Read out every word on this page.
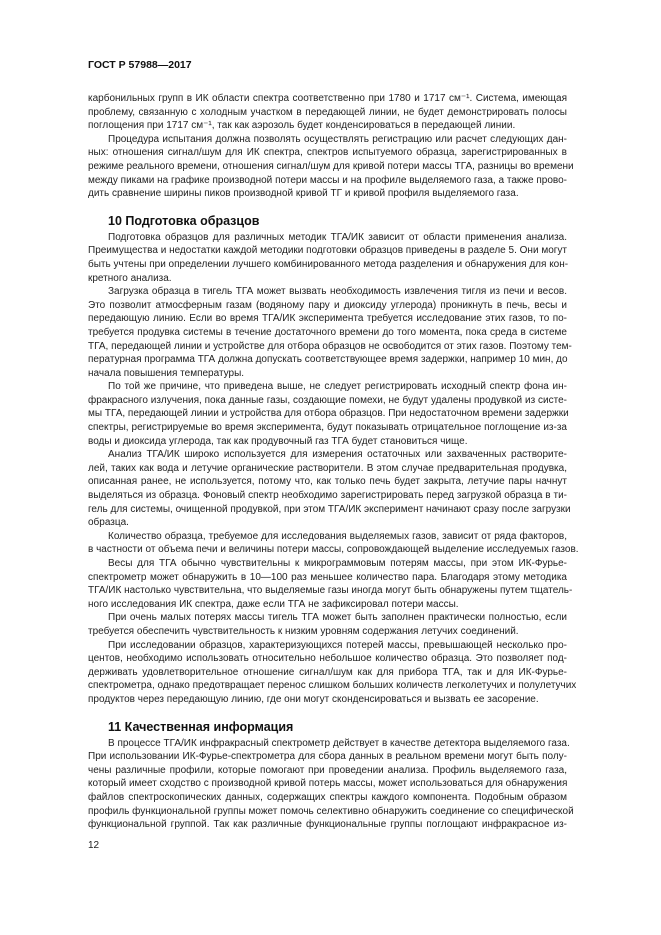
ГОСТ Р 57988—2017
карбонильных групп в ИК области спектра соответственно при 1780 и 1717 см⁻¹. Система, имеющая
проблему, связанную с холодным участком в передающей линии, не будет демонстрировать полосы
поглощения при 1717 см⁻¹, так как аэрозоль будет конденсироваться в передающей линии.
Процедура испытания должна позволять осуществлять регистрацию или расчет следующих дан-
ных: отношения сигнал/шум для ИК спектра, спектров испытуемого образца, зарегистрированных в
режиме реального времени, отношения сигнал/шум для кривой потери массы ТГА, разницы во времени
между пиками на графике производной потери массы и на профиле выделяемого газа, а также прово-
дить сравнение ширины пиков производной кривой ТГ и кривой профиля выделяемого газа.
10 Подготовка образцов
Подготовка образцов для различных методик ТГА/ИК зависит от области применения анализа.
Преимущества и недостатки каждой методики подготовки образцов приведены в разделе 5. Они могут
быть учтены при определении лучшего комбинированного метода разделения и обнаружения для кон-
кретного анализа.
Загрузка образца в тигель ТГА может вызвать необходимость извлечения тигля из печи и весов.
Это позволит атмосферным газам (водяному пару и диоксиду углерода) проникнуть в печь, весы и
передающую линию. Если во время ТГА/ИК эксперимента требуется исследование этих газов, то по-
требуется продувка системы в течение достаточного времени до того момента, пока среда в системе
ТГА, передающей линии и устройстве для отбора образцов не освободится от этих газов. Поэтому тем-
пературная программа ТГА должна допускать соответствующее время задержки, например 10 мин, до
начала повышения температуры.
По той же причине, что приведена выше, не следует регистрировать исходный спектр фона ин-
фракрасного излучения, пока данные газы, создающие помехи, не будут удалены продувкой из систе-
мы ТГА, передающей линии и устройства для отбора образцов. При недостаточном времени задержки
спектры, регистрируемые во время эксперимента, будут показывать отрицательное поглощение из-за
воды и диоксида углерода, так как продувочный газ ТГА будет становиться чище.
Анализ ТГА/ИК широко используется для измерения остаточных или захваченных растворите-
лей, таких как вода и летучие органические растворители. В этом случае предварительная продувка,
описанная ранее, не используется, потому что, как только печь будет закрыта, летучие пары начнут
выделяться из образца. Фоновый спектр необходимо зарегистрировать перед загрузкой образца в ти-
гель для системы, очищенной продувкой, при этом ТГА/ИК эксперимент начинают сразу после загрузки
образца.
Количество образца, требуемое для исследования выделяемых газов, зависит от ряда факторов,
в частности от объема печи и величины потери массы, сопровождающей выделение исследуемых газов.
Весы для ТГА обычно чувствительны к микрограммовым потерям массы, при этом ИК-Фурье-
спектрометр может обнаружить в 10—100 раз меньшее количество пара. Благодаря этому методика
ТГА/ИК настолько чувствительна, что выделяемые газы иногда могут быть обнаружены путем тщатель-
ного исследования ИК спектра, даже если ТГА не зафиксировал потери массы.
При очень малых потерях массы тигель ТГА может быть заполнен практически полностью, если
требуется обеспечить чувствительность к низким уровням содержания летучих соединений.
При исследовании образцов, характеризующихся потерей массы, превышающей несколько про-
центов, необходимо использовать относительно небольшое количество образца. Это позволяет под-
держивать удовлетворительное отношение сигнал/шум как для прибора ТГА, так и для ИК-Фурье-
спектрометра, однако предотвращает перенос слишком больших количеств легколетучих и полулетучих
продуктов через передающую линию, где они могут сконденсироваться и вызвать ее засорение.
11 Качественная информация
В процессе ТГА/ИК инфракрасный спектрометр действует в качестве детектора выделяемого газа.
При использовании ИК-Фурье-спектрометра для сбора данных в реальном времени могут быть полу-
чены различные профили, которые помогают при проведении анализа. Профиль выделяемого газа,
который имеет сходство с производной кривой потерь массы, может использоваться для обнаружения
файлов спектроскопических данных, содержащих спектры каждого компонента. Подобным образом
профиль функциональной группы может помочь селективно обнаружить соединение со специфической
функциональной группой. Так как различные функциональные группы поглощают инфракрасное из-
12
